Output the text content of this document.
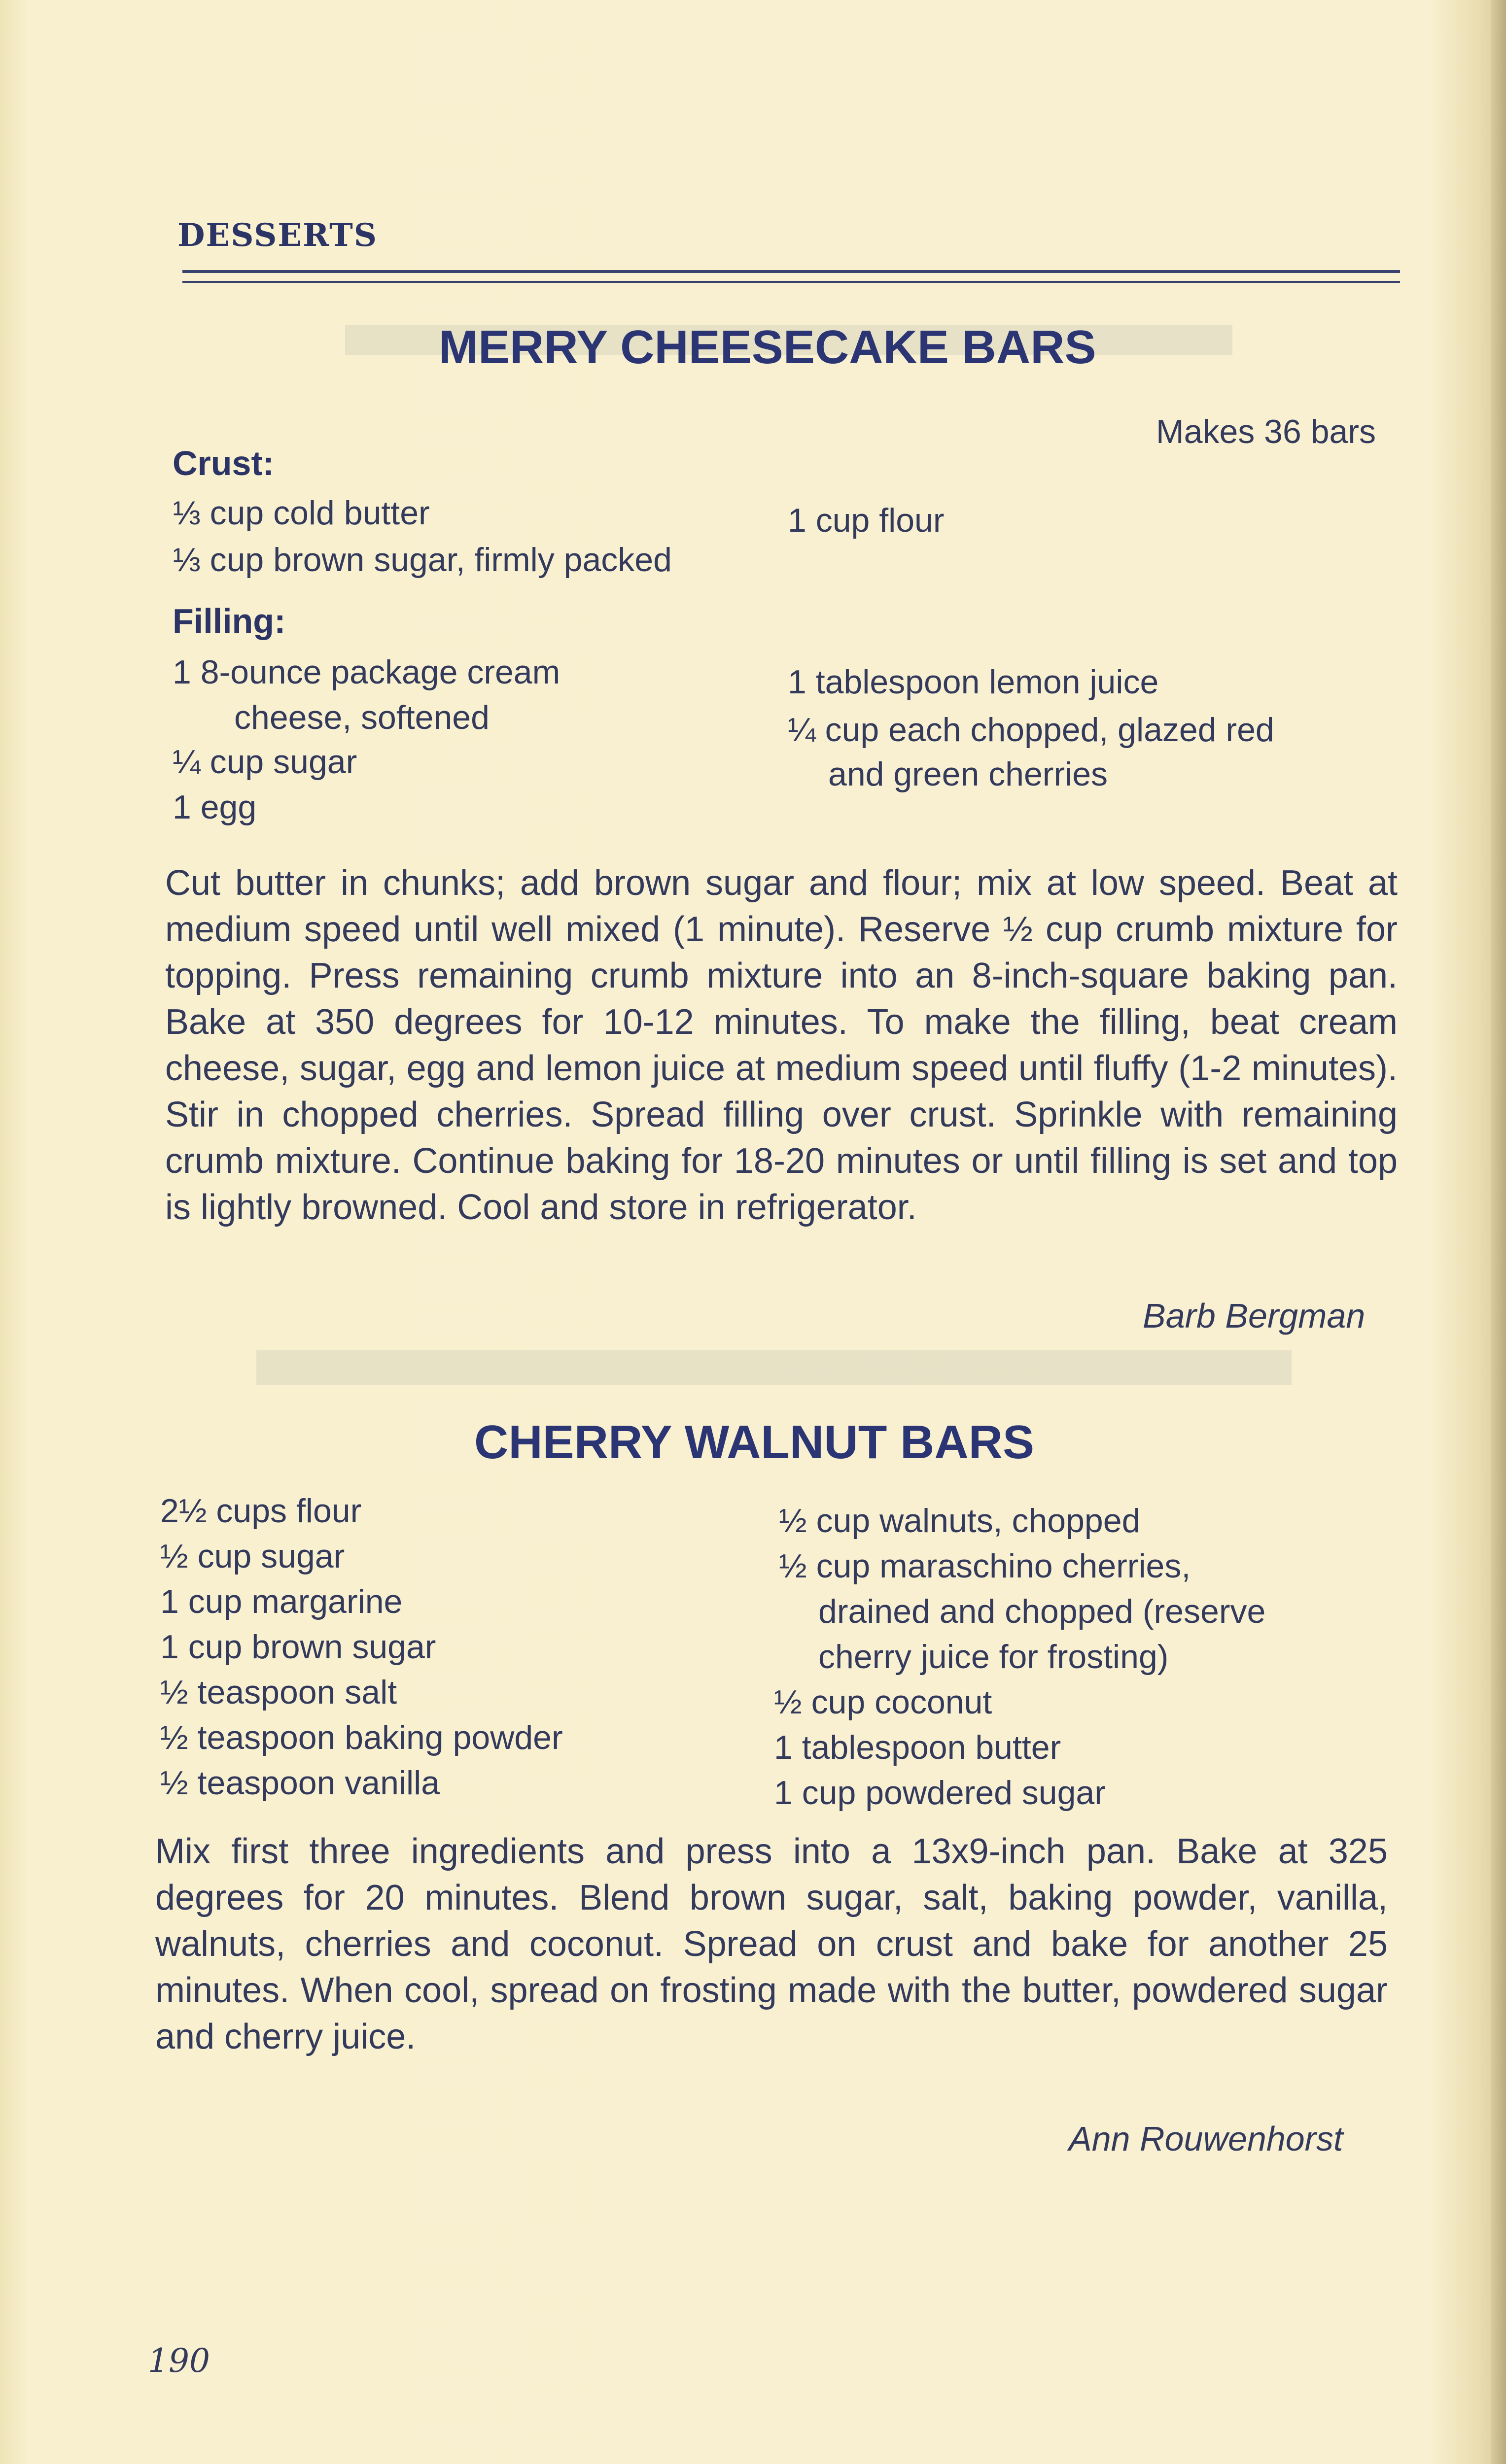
DESSERTS
MERRY CHEESECAKE BARS
Makes 36 bars
Crust:
⅓ cup cold butter
⅓ cup brown sugar, firmly packed
1 cup flour
Filling:
1 8-ounce package cream
cheese, softened
¼ cup sugar
1 egg
1 tablespoon lemon juice
¼ cup each chopped, glazed red
and green cherries
Cut butter in chunks; add brown sugar and flour; mix at low speed. Beat at medium speed until well mixed (1 minute). Reserve ½ cup crumb mixture for topping. Press remaining crumb mixture into an 8-inch-square baking pan. Bake at 350 degrees for 10-12 minutes. To make the filling, beat cream cheese, sugar, egg and lemon juice at medium speed until fluffy (1-2 minutes). Stir in chopped cherries. Spread filling over crust. Sprinkle with remaining crumb mixture. Continue baking for 18-20 minutes or until filling is set and top is lightly browned. Cool and store in refrigerator.
Barb Bergman
CHERRY WALNUT BARS
2½ cups flour
½ cup sugar
1 cup margarine
1 cup brown sugar
½ teaspoon salt
½ teaspoon baking powder
½ teaspoon vanilla
½ cup walnuts, chopped
½ cup maraschino cherries,
drained and chopped (reserve
cherry juice for frosting)
½ cup coconut
1 tablespoon butter
1 cup powdered sugar
Mix first three ingredients and press into a 13x9-inch pan. Bake at 325 degrees for 20 minutes. Blend brown sugar, salt, baking powder, vanilla, walnuts, cherries and coconut. Spread on crust and bake for another 25 minutes. When cool, spread on frosting made with the butter, powdered sugar and cherry juice.
Ann Rouwenhorst
190
